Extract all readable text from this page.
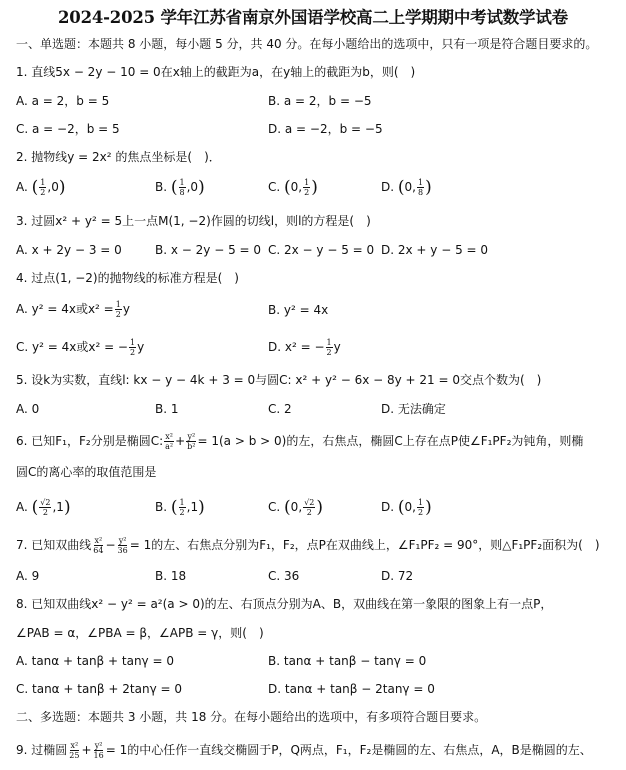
2024-2025 学年江苏省南京外国语学校高二上学期期中考试数学试卷
一、单选题：本题共 8 小题，每小题 5 分，共 40 分。在每小题给出的选项中，只有一项是符合题目要求的。
1. 直线5x − 2y − 10 = 0在x轴上的截距为a，在y轴上的截距为b，则(　)
A. a = 2，b = 5	B. a = 2，b = −5
C. a = −2，b = 5	D. a = −2，b = −5
2. 抛物线y = 2x² 的焦点坐标是(　)．
A. ( $\frac{1}{2} ,0$)	B. ( $\frac{1}{8} ,0$)	C. (0, $\frac{1}{2}$ )	D. (0, $\frac{1}{8}$ )
3. 过圆x² + y² = 5上一点M(1, −2)作圆的切线l，则l的方程是(　)
A. x + 2y − 3 = 0	B. x − 2y − 5 = 0 C. 2x − y − 5 = 0 D. 2x + y − 5 = 0
4. 过点(1, −2)的抛物线的标准方程是(　)
A. y² = 4x或$x^2 = \frac{1}{2}$ y	B. y² = 4x
C. y² = 4x或x² = − $\frac{1}{2}$ y	D. x² = − $\frac{1}{2}$ y
5. 设k为实数，直线l: kx − y − 4k + 3 = 0与圆C: x² + y² − 6x − 8y + 21 = 0交点个数为(　)
A. 0	B. 1	C. 2	D. 无法确定
6. 已知F₁，F₂分别是椭圆C: $\frac{\text{x²}}{\text{a²}} + \frac{\text{y²}}{\text{b²}} = 1(a > b > 0)$的左，右焦点，椭圆C上存在点P使∠F₁PF₂为钝角，则椭
圆C的离心率的取值范围是
A. ( $\frac{√2}{2} ,1$)	B. ( $\frac{1}{2} ,1$)	C. (0, $\frac{√2}{2}$ )	D. (0, $\frac{1}{2}$ )
7. 已知双曲线 $\frac{\text{x²}}{64} - \frac{\text{y²}}{36} = 1$的左、右焦点分别为F₁，F₂，点P在双曲线上，∠F₁PF₂ = 90°，则△F₁PF₂面积为(　)
A. 9	B. 18	C. 36	D. 72
8. 已知双曲线x² − y² = a²(a > 0)的左、右顶点分别为A、B，双曲线在第一象限的图象上有一点P，
∠PAB = α，∠PBA = β，∠APB = γ，则(　)
A. tanα + tanβ + tanγ = 0	B. tanα + tanβ − tanγ = 0
C. tanα + tanβ + 2tanγ = 0	D. tanα + tanβ − 2tanγ = 0
二、多选题：本题共 3 小题，共 18 分。在每小题给出的选项中，有多项符合题目要求。
9. 过椭圆 $\frac{\text{x²}}{25} + \frac{\text{y²}}{16} = 1$的中心任作一直线交椭圆于P，Q两点，F₁，F₂是椭圆的左、右焦点，A，B是椭圆的左、
